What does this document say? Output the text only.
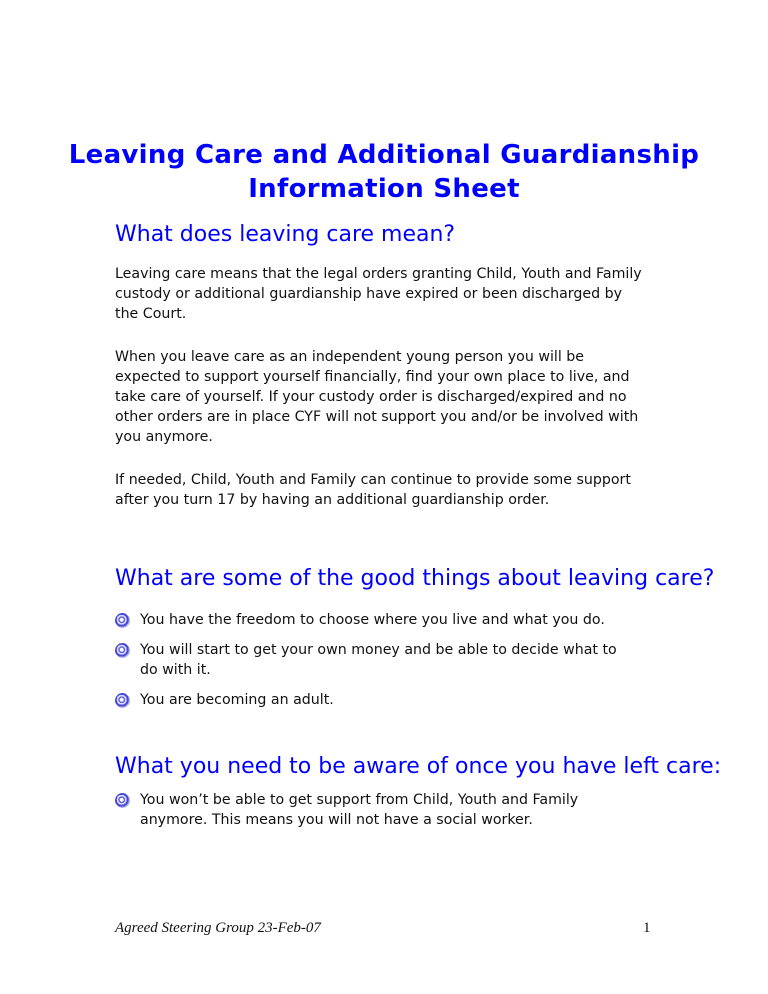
Leaving Care and Additional Guardianship
Information Sheet
What does leaving care mean?
Leaving care means that the legal orders granting Child, Youth and Family
custody or additional guardianship have expired or been discharged by
the Court.
When you leave care as an independent young person you will be
expected to support yourself financially, find your own place to live, and
take care of yourself. If your custody order is discharged/expired and no
other orders are in place CYF will not support you and/or be involved with
you anymore.
If needed, Child, Youth and Family can continue to provide some support
after you turn 17 by having an additional guardianship order.
What are some of the good things about leaving care?
You have the freedom to choose where you live and what you do.
You will start to get your own money and be able to decide what to
do with it.
You are becoming an adult.
What you need to be aware of once you have left care:
You won’t be able to get support from Child, Youth and Family
anymore. This means you will not have a social worker.
Agreed Steering Group 23-Feb-07	1
